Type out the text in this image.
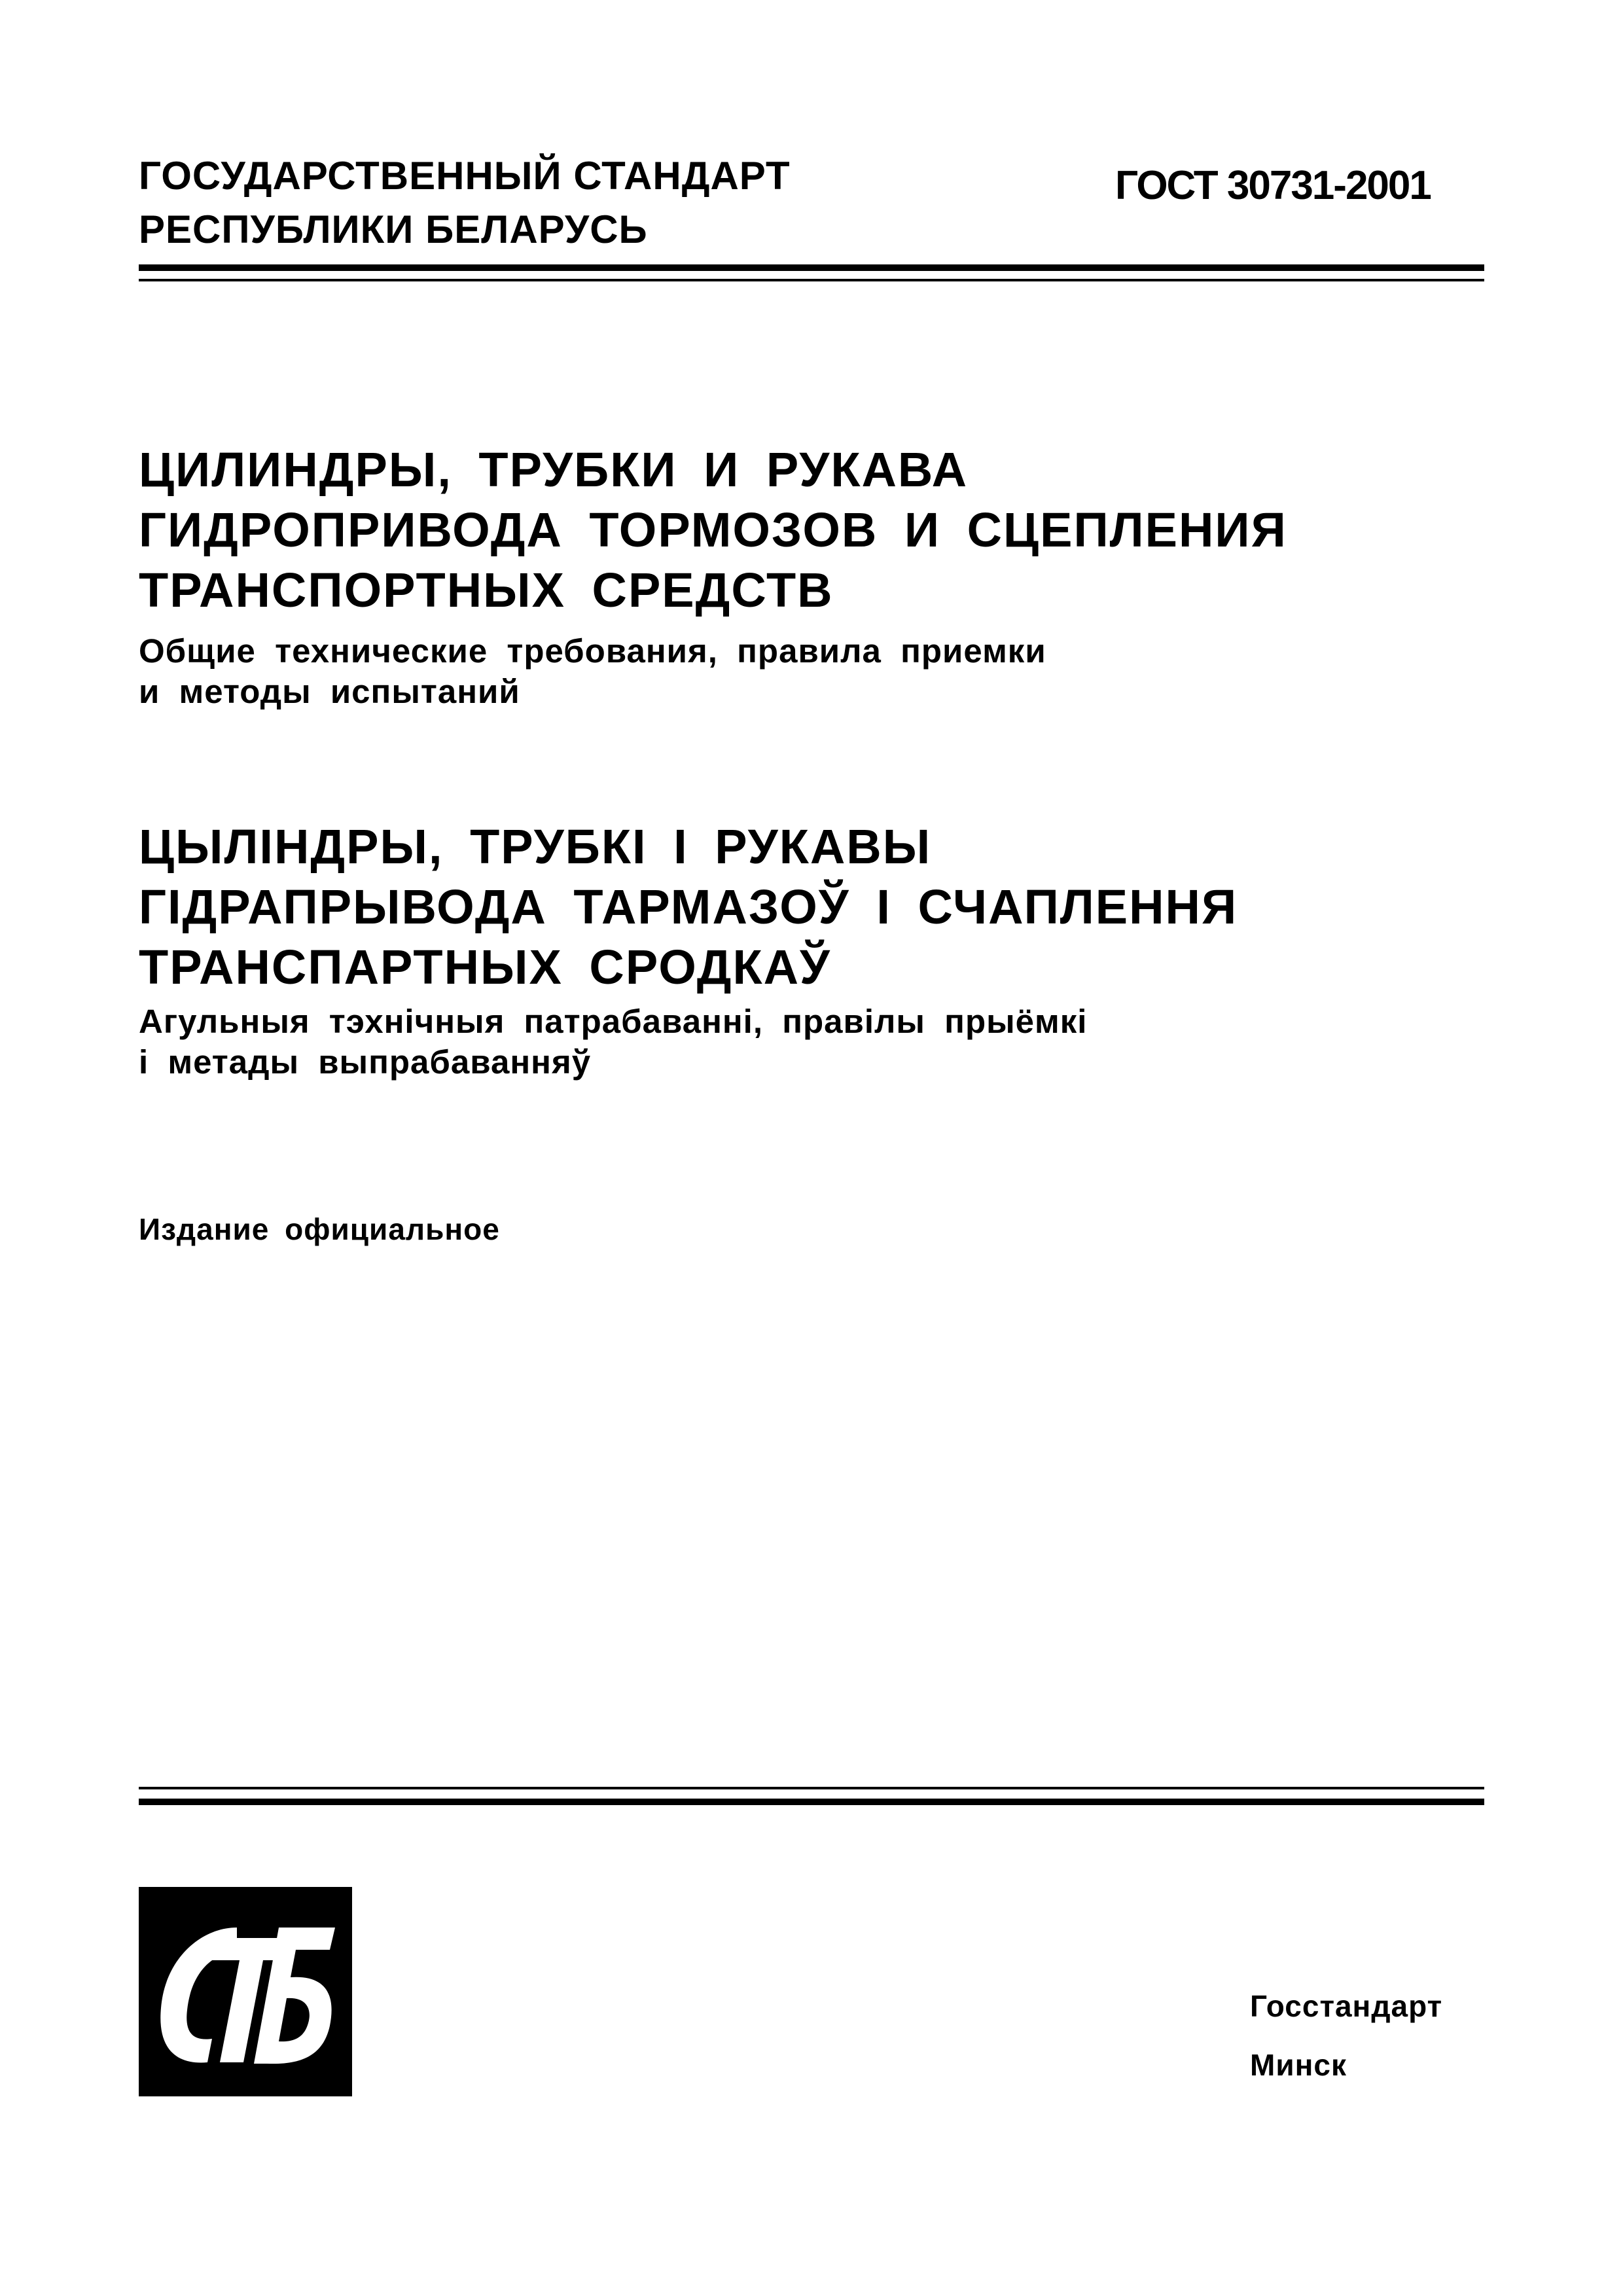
ГОСУДАРСТВЕННЫЙ СТАНДАРТ
РЕСПУБЛИКИ БЕЛАРУСЬ
ГОСТ 30731-2001
ЦИЛИНДРЫ, ТРУБКИ И РУКАВА
ГИДРОПРИВОДА ТОРМОЗОВ И СЦЕПЛЕНИЯ
ТРАНСПОРТНЫХ СРЕДСТВ
Общие технические требования, правила приемки
и методы испытаний
ЦЫЛІНДРЫ, ТРУБКІ І РУКАВЫ
ГІДРАПРЫВОДА ТАРМАЗОЎ І СЧАПЛЕННЯ
ТРАНСПАРТНЫХ СРОДКАЎ
Агульныя тэхнічныя патрабаванні, правілы прыёмкі
і метады выпрабаванняў
Издание официальное
Госстандарт
Минск
